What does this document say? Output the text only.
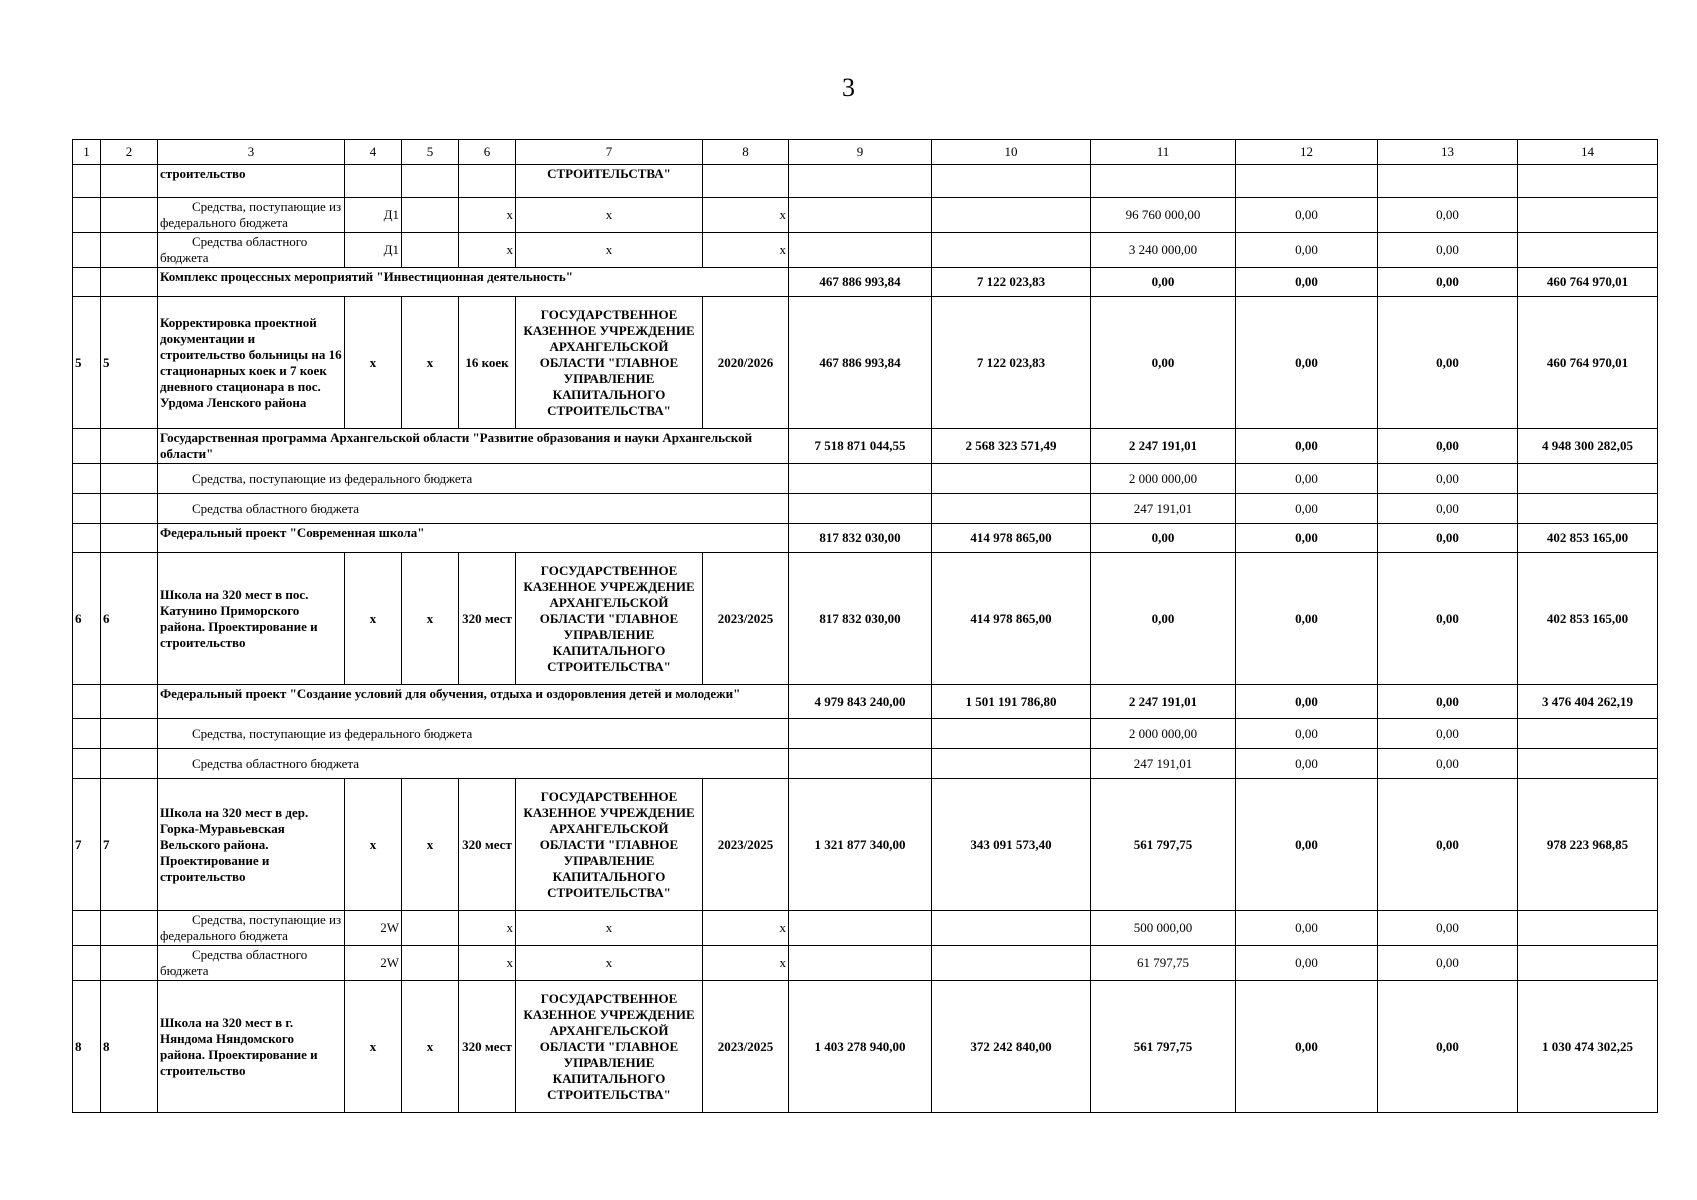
3
1	2	3	4	5	6	7	8	9	10	11	12	13	14
		строительство				СТРОИТЕЛЬСТВА"							
		Средства, поступающие из федерального бюджета	Д1		х	х	х			96 760 000,00	0,00	0,00	
		Средства областного бюджета	Д1		х	х	х			3 240 000,00	0,00	0,00	
		Комплекс процессных мероприятий "Инвестиционная деятельность"						467 886 993,84	7 122 023,83	0,00	0,00	0,00	460 764 970,01
5	5	Корректировка проектной документации и строительство больницы на 16 стационарных коек и 7 коек дневного стационара в пос. Урдома Ленского района	х	х	16 коек	ГОСУДАРСТВЕННОЕ КАЗЕННОЕ УЧРЕЖДЕНИЕ АРХАНГЕЛЬСКОЙ ОБЛАСТИ "ГЛАВНОЕ УПРАВЛЕНИЕ КАПИТАЛЬНОГО СТРОИТЕЛЬСТВА"	2020/2026	467 886 993,84	7 122 023,83	0,00	0,00	0,00	460 764 970,01
		Государственная программа Архангельской области "Развитие образования и науки Архангельской области"						7 518 871 044,55	2 568 323 571,49	2 247 191,01	0,00	0,00	4 948 300 282,05
		Средства, поступающие из федерального бюджета								2 000 000,00	0,00	0,00	
		Средства областного бюджета								247 191,01	0,00	0,00	
		Федеральный проект "Современная школа"						817 832 030,00	414 978 865,00	0,00	0,00	0,00	402 853 165,00
6	6	Школа на 320 мест в пос. Катунино Приморского района. Проектирование и строительство	х	х	320 мест	ГОСУДАРСТВЕННОЕ КАЗЕННОЕ УЧРЕЖДЕНИЕ АРХАНГЕЛЬСКОЙ ОБЛАСТИ "ГЛАВНОЕ УПРАВЛЕНИЕ КАПИТАЛЬНОГО СТРОИТЕЛЬСТВА"	2023/2025	817 832 030,00	414 978 865,00	0,00	0,00	0,00	402 853 165,00
		Федеральный проект "Создание условий для обучения, отдыха и оздоровления детей и молодежи"						4 979 843 240,00	1 501 191 786,80	2 247 191,01	0,00	0,00	3 476 404 262,19
		Средства, поступающие из федерального бюджета								2 000 000,00	0,00	0,00	
		Средства областного бюджета								247 191,01	0,00	0,00	
7	7	Школа на 320 мест в дер. Горка-Муравьевская Вельского района. Проектирование и строительство	х	х	320 мест	ГОСУДАРСТВЕННОЕ КАЗЕННОЕ УЧРЕЖДЕНИЕ АРХАНГЕЛЬСКОЙ ОБЛАСТИ "ГЛАВНОЕ УПРАВЛЕНИЕ КАПИТАЛЬНОГО СТРОИТЕЛЬСТВА"	2023/2025	1 321 877 340,00	343 091 573,40	561 797,75	0,00	0,00	978 223 968,85
		Средства, поступающие из федерального бюджета	2W		х	х	х			500 000,00	0,00	0,00	
		Средства областного бюджета	2W		х	х	х			61 797,75	0,00	0,00	
8	8	Школа на 320 мест в г. Няндома Няндомского района. Проектирование и строительство	х	х	320 мест	ГОСУДАРСТВЕННОЕ КАЗЕННОЕ УЧРЕЖДЕНИЕ АРХАНГЕЛЬСКОЙ ОБЛАСТИ "ГЛАВНОЕ УПРАВЛЕНИЕ КАПИТАЛЬНОГО СТРОИТЕЛЬСТВА"	2023/2025	1 403 278 940,00	372 242 840,00	561 797,75	0,00	0,00	1 030 474 302,25
